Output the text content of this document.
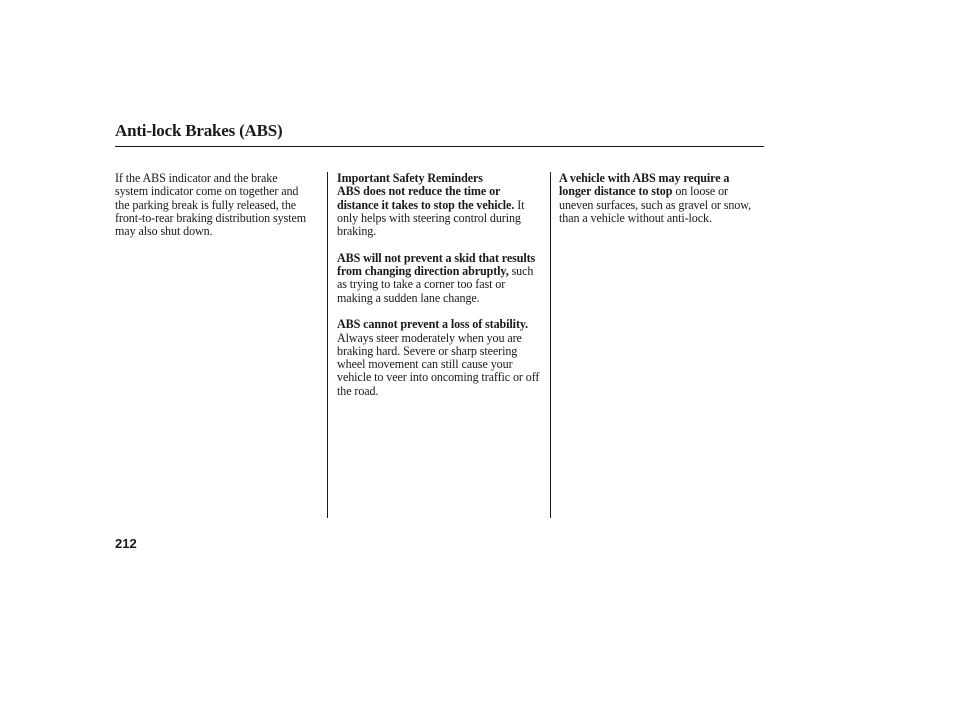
Anti-lock Brakes (ABS)

If the ABS indicator and the brake system indicator come on together and the parking break is fully released, the front-to-rear braking distribution system may also shut down.

Important Safety Reminders

ABS does not reduce the time or distance it takes to stop the vehicle. It only helps with steering control during braking.

ABS will not prevent a skid that results from changing direction abruptly, such as trying to take a corner too fast or making a sudden lane change.

ABS cannot prevent a loss of stability. Always steer moderately when you are braking hard. Severe or sharp steering wheel movement can still cause your vehicle to veer into oncoming traffic or off the road.

A vehicle with ABS may require a longer distance to stop on loose or uneven surfaces, such as gravel or snow, than a vehicle without anti-lock.

212
